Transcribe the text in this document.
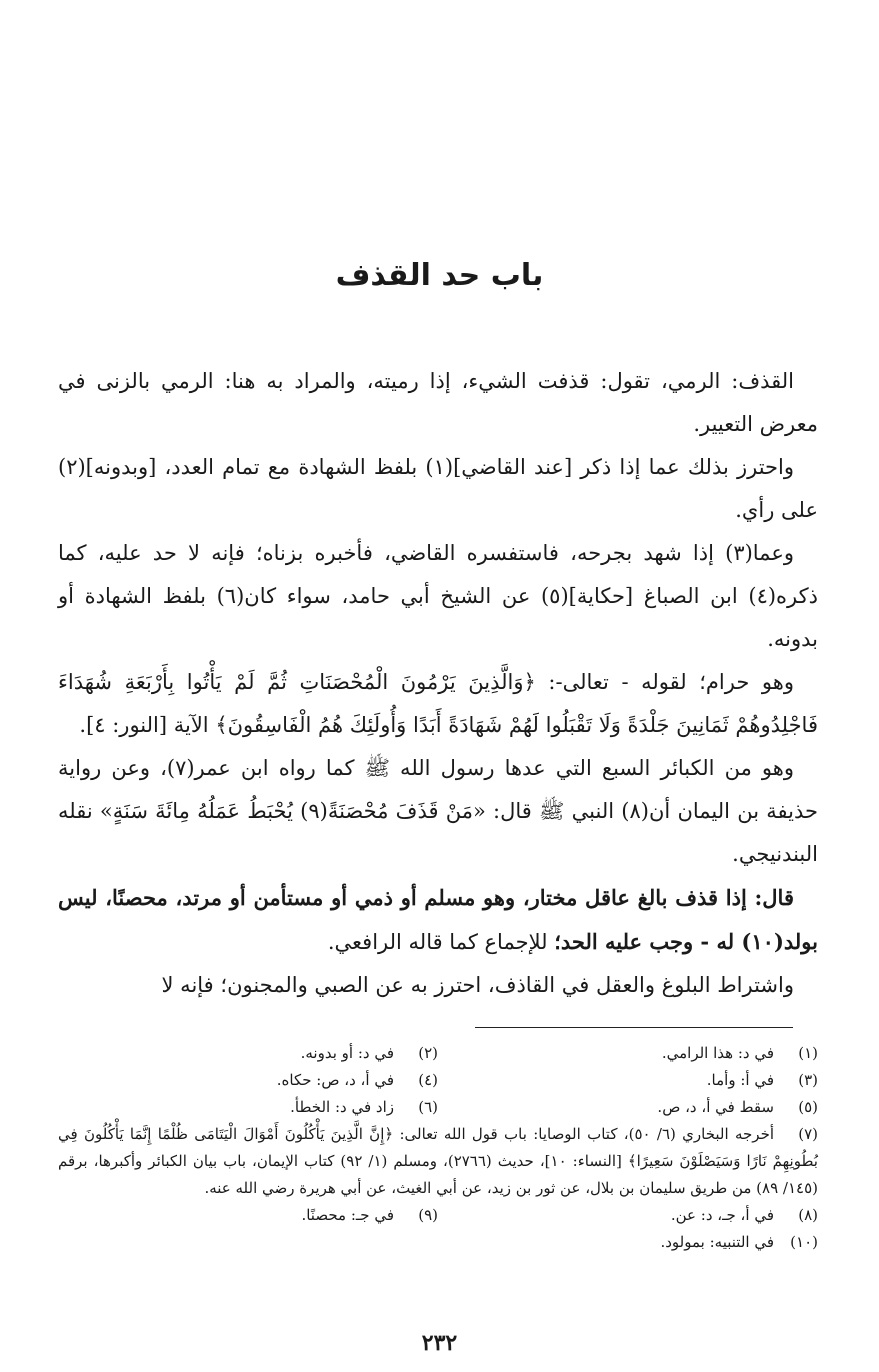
باب حد القذف

القذف: الرمي، تقول: قذفت الشيء، إذا رميته، والمراد به هنا: الرمي بالزنى في معرض التعيير.

واحترز بذلك عما إذا ذكر [عند القاضي](١) بلفظ الشهادة مع تمام العدد، [وبدونه](٢) على رأي.

وعما(٣) إذا شهد بجرحه، فاستفسره القاضي، فأخبره بزناه؛ فإنه لا حد عليه، كما ذكره(٤) ابن الصباغ [حكاية](٥) عن الشيخ أبي حامد، سواء كان(٦) بلفظ الشهادة أو بدونه.

وهو حرام؛ لقوله - تعالى-: ﴿وَالَّذِينَ يَرْمُونَ الْمُحْصَنَاتِ ثُمَّ لَمْ يَأْتُوا بِأَرْبَعَةِ شُهَدَاءَ فَاجْلِدُوهُمْ ثَمَانِينَ جَلْدَةً وَلَا تَقْبَلُوا لَهُمْ شَهَادَةً أَبَدًا وَأُولَئِكَ هُمُ الْفَاسِقُونَ﴾ الآية [النور: ٤].

وهو من الكبائر السبع التي عدها رسول الله ﷺ كما رواه ابن عمر(٧)، وعن رواية حذيفة بن اليمان أن(٨) النبي ﷺ قال: «مَنْ قَذَفَ مُحْصَنَةً(٩) يُحْبَطُ عَمَلُهُ مِائَةَ سَنَةٍ» نقله البندنيجي.

قال: إذا قذف بالغ عاقل مختار، وهو مسلم أو ذمي أو مستأمن أو مرتد، محصنًا، ليس بولد(١٠) له - وجب عليه الحد؛ للإجماع كما قاله الرافعي.

واشتراط البلوغ والعقل في القاذف، احترز به عن الصبي والمجنون؛ فإنه لا

(١)في د: هذا الرامي.
(٢)في د: أو بدونه.
(٣)في أ: وأما.
(٤)في أ، د، ص: حكاه.
(٥)سقط في أ، د، ص.
(٦)زاد في د: الخطأ.
(٧)أخرجه البخاري (٦/ ٥٠)، كتاب الوصايا: باب قول الله تعالى: ﴿إِنَّ الَّذِينَ يَأْكُلُونَ أَمْوَالَ الْيَتَامَى ظُلْمًا إِنَّمَا يَأْكُلُونَ فِي بُطُونِهِمْ نَارًا وَسَيَصْلَوْنَ سَعِيرًا﴾ [النساء: ١٠]، حديث (٢٧٦٦)، ومسلم (١/ ٩٢) كتاب الإيمان، باب بيان الكبائر وأكبرها، برقم (١٤٥/ ٨٩) من طريق سليمان بن بلال، عن ثور بن زيد، عن أبي الغيث، عن أبي هريرة رضي الله عنه.
(٨)في أ، جـ، د: عن.
(٩)في جـ: محصنًا.
(١٠)في التنبيه: بمولود.
٢٣٢
